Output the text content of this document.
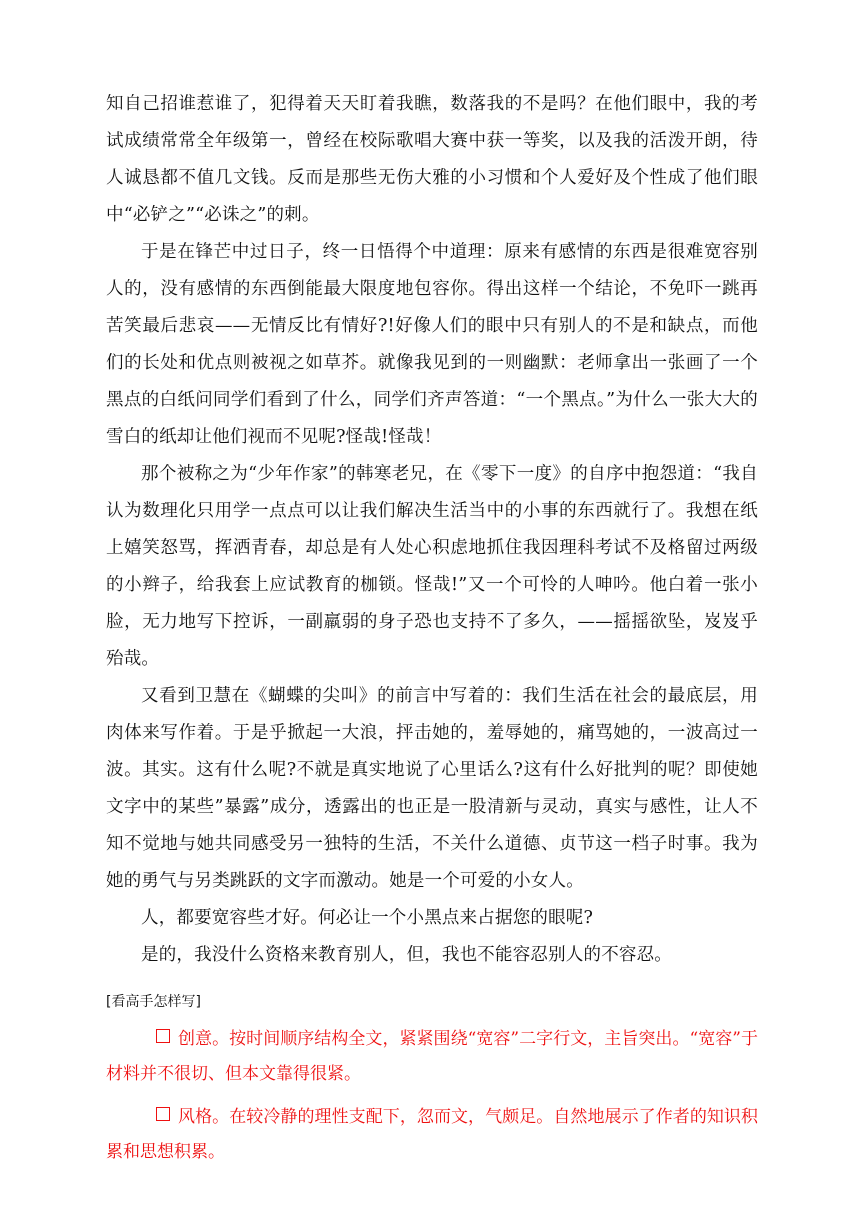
知自己招谁惹谁了，犯得着天天盯着我瞧，数落我的不是吗？在他们眼中，我的考试成绩常常全年级第一，曾经在校际歌唱大赛中获一等奖，以及我的活泼开朗，待人诚恳都不值几文钱。反而是那些无伤大雅的小习惯和个人爱好及个性成了他们眼中“必铲之”“必诛之”的刺。

于是在锋芒中过日子，终一日悟得个中道理：原来有感情的东西是很难宽容别人的，没有感情的东西倒能最大限度地包容你。得出这样一个结论，不免吓一跳再苦笑最后悲哀——无情反比有情好?!好像人们的眼中只有别人的不是和缺点，而他们的长处和优点则被视之如草芥。就像我见到的一则幽默：老师拿出一张画了一个黑点的白纸问同学们看到了什么，同学们齐声答道：“一个黑点。”为什么一张大大的雪白的纸却让他们视而不见呢?怪哉!怪哉！

那个被称之为“少年作家”的韩寒老兄，在《零下一度》的自序中抱怨道：“我自认为数理化只用学一点点可以让我们解决生活当中的小事的东西就行了。我想在纸上嬉笑怒骂，挥洒青春，却总是有人处心积虑地抓住我因理科考试不及格留过两级的小辫子，给我套上应试教育的枷锁。怪哉!”又一个可怜的人呻吟。他白着一张小脸，无力地写下控诉，一副羸弱的身子恐也支持不了多久，——摇摇欲坠，岌岌乎殆哉。

又看到卫慧在《蝴蝶的尖叫》的前言中写着的：我们生活在社会的最底层，用肉体来写作着。于是乎掀起一大浪，抨击她的，羞辱她的，痛骂她的，一波高过一波。其实。这有什么呢?不就是真实地说了心里话么?这有什么好批判的呢？即使她文字中的某些”暴露”成分，透露出的也正是一股清新与灵动，真实与感性，让人不知不觉地与她共同感受另一独特的生活，不关什么道德、贞节这一档子时事。我为她的勇气与另类跳跃的文字而激动。她是一个可爱的小女人。

人，都要宽容些才好。何必让一个小黑点来占据您的眼呢?

是的，我没什么资格来教育别人，但，我也不能容忍别人的不容忍。

[看高手怎样写]

创意。按时间顺序结构全文，紧紧围绕“宽容”二字行文，主旨突出。“宽容”于材料并不很切、但本文靠得很紧。

风格。在较冷静的理性支配下，忽而文，气颇足。自然地展示了作者的知识积累和思想积累。
